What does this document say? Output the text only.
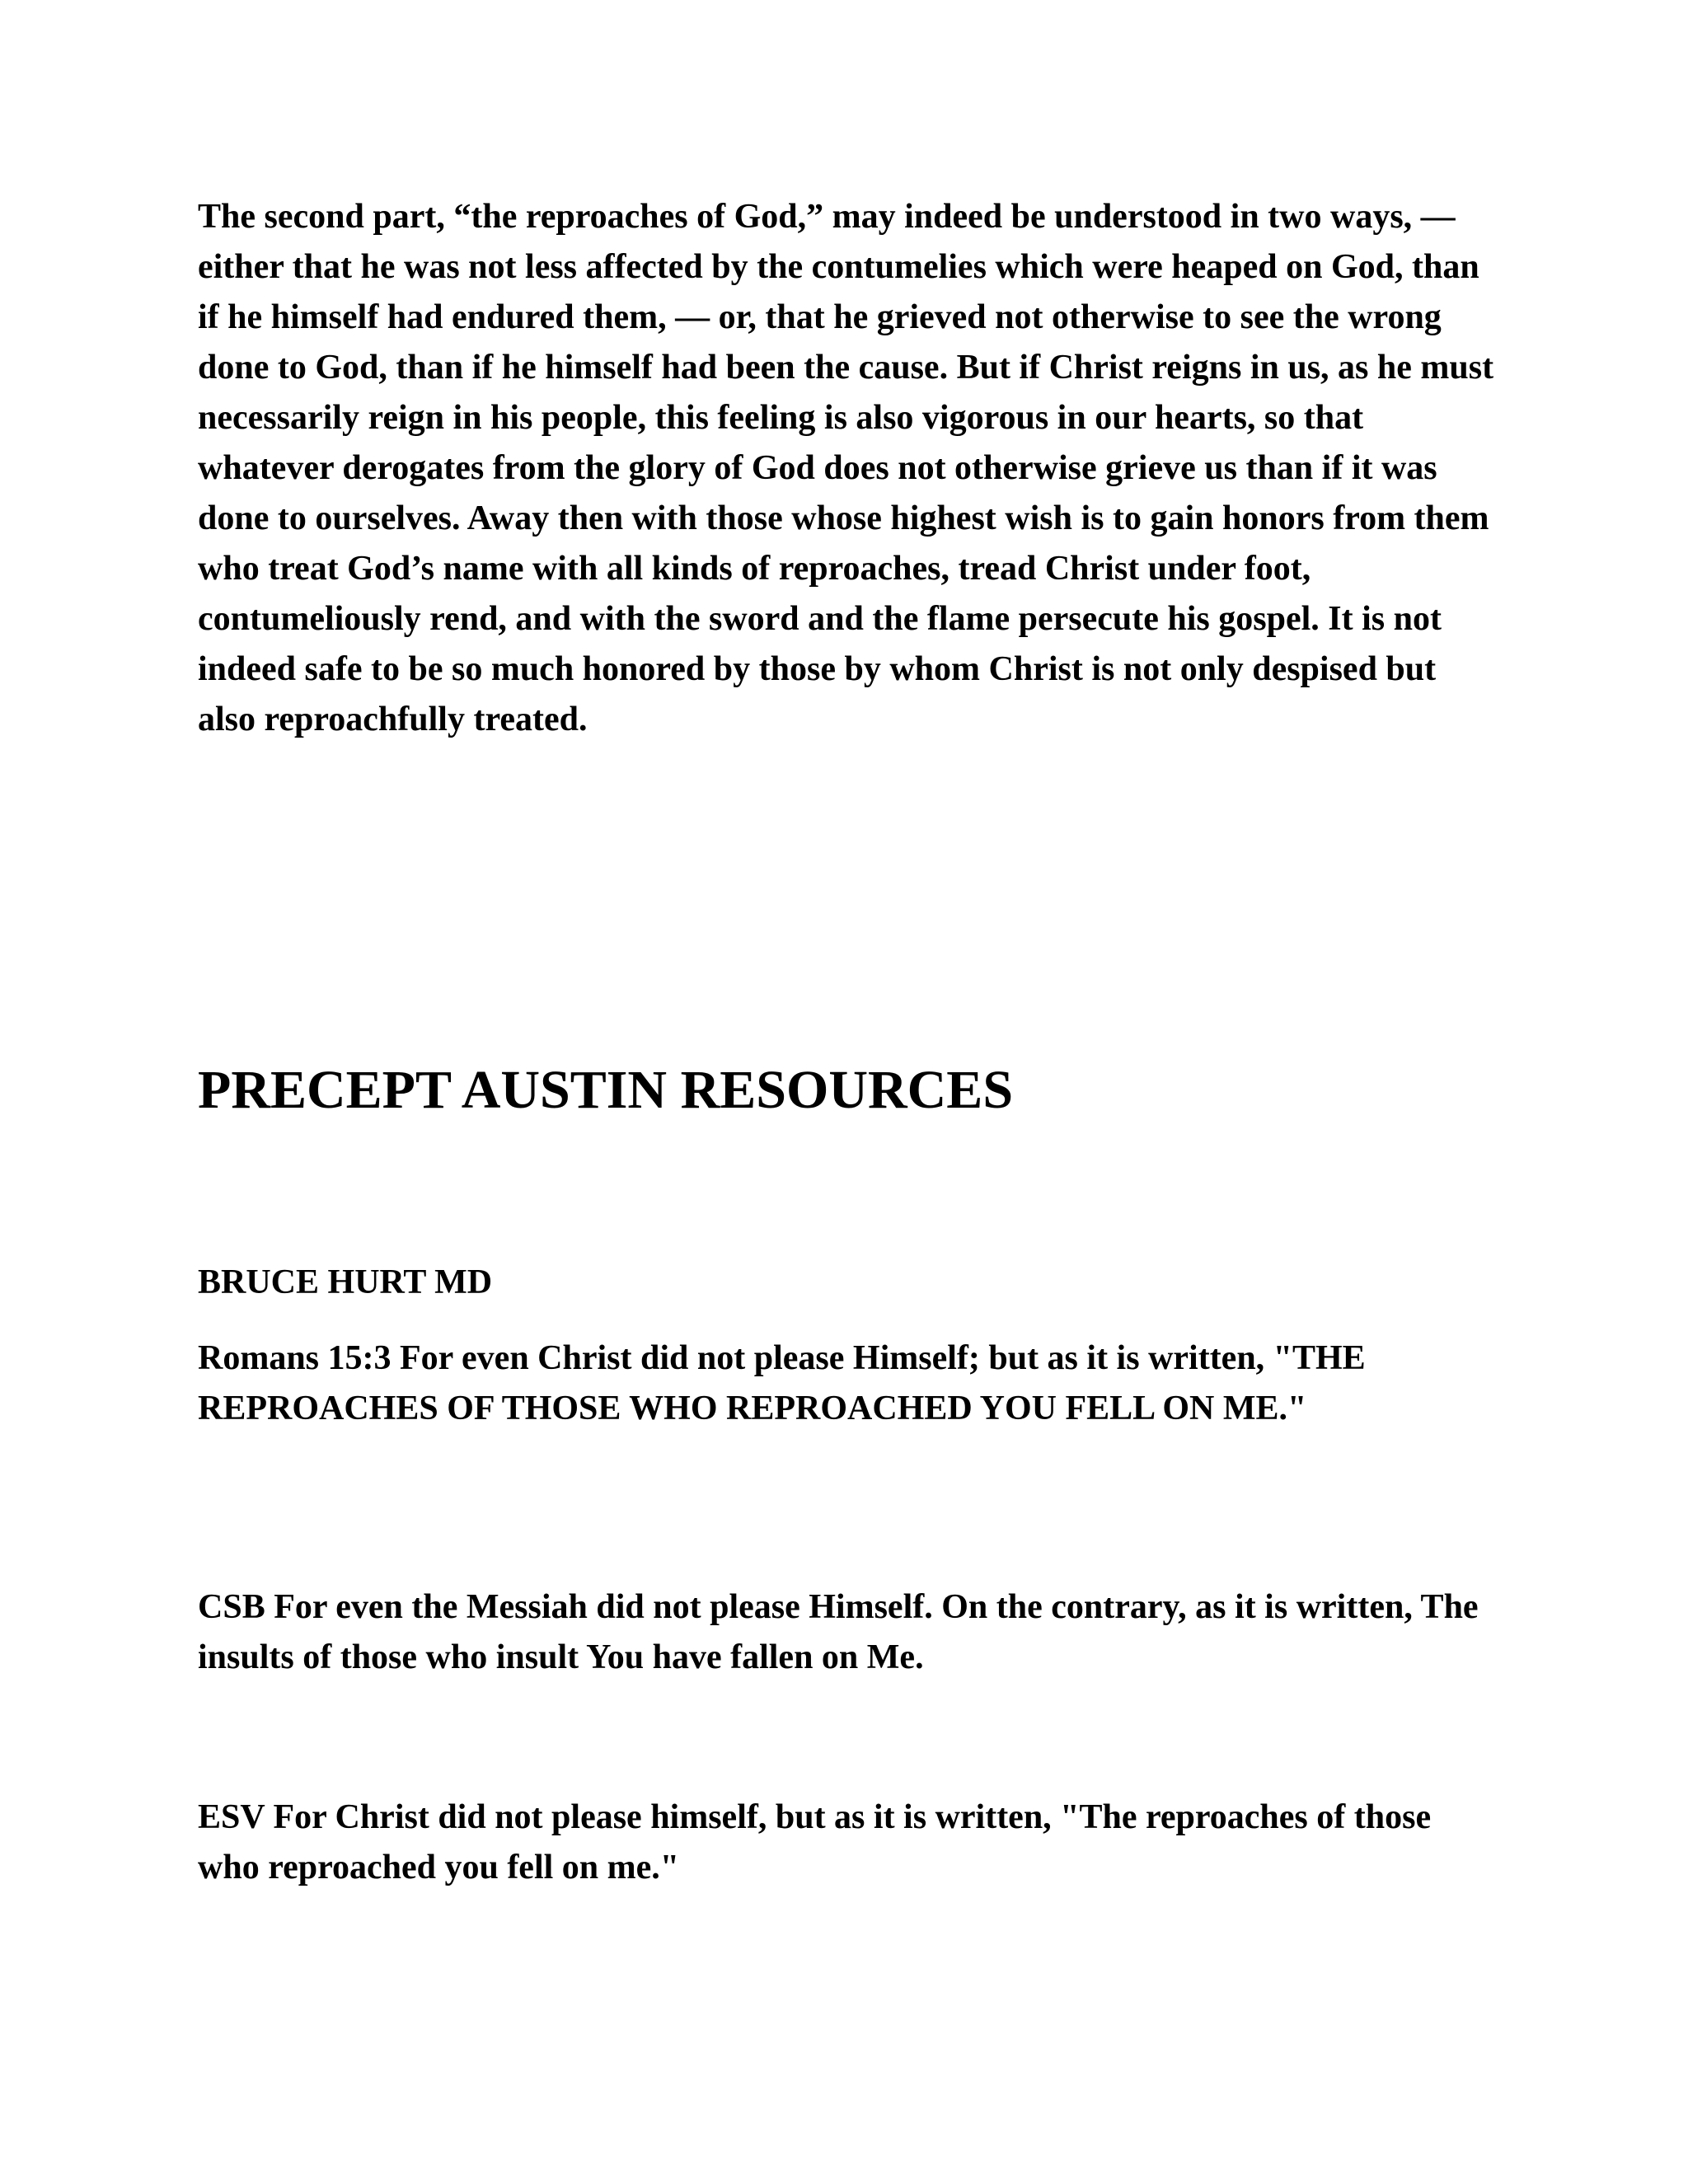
The second part, “the reproaches of God,” may indeed be understood in two ways, — either that he was not less affected by the contumelies which were heaped on God, than if he himself had endured them, — or, that he grieved not otherwise to see the wrong done to God, than if he himself had been the cause. But if Christ reigns in us, as he must necessarily reign in his people, this feeling is also vigorous in our hearts, so that whatever derogates from the glory of God does not otherwise grieve us than if it was done to ourselves. Away then with those whose highest wish is to gain honors from them who treat God’s name with all kinds of reproaches, tread Christ under foot, contumeliously rend, and with the sword and the flame persecute his gospel. It is not indeed safe to be so much honored by those by whom Christ is not only despised but also reproachfully treated.

PRECEPT AUSTIN RESOURCES

BRUCE HURT MD

Romans 15:3 For even Christ did not please Himself; but as it is written, "THE REPROACHES OF THOSE WHO REPROACHED YOU FELL ON ME."

CSB For even the Messiah did not please Himself. On the contrary, as it is written, The insults of those who insult You have fallen on Me.

ESV For Christ did not please himself, but as it is written, "The reproaches of those who reproached you fell on me."
